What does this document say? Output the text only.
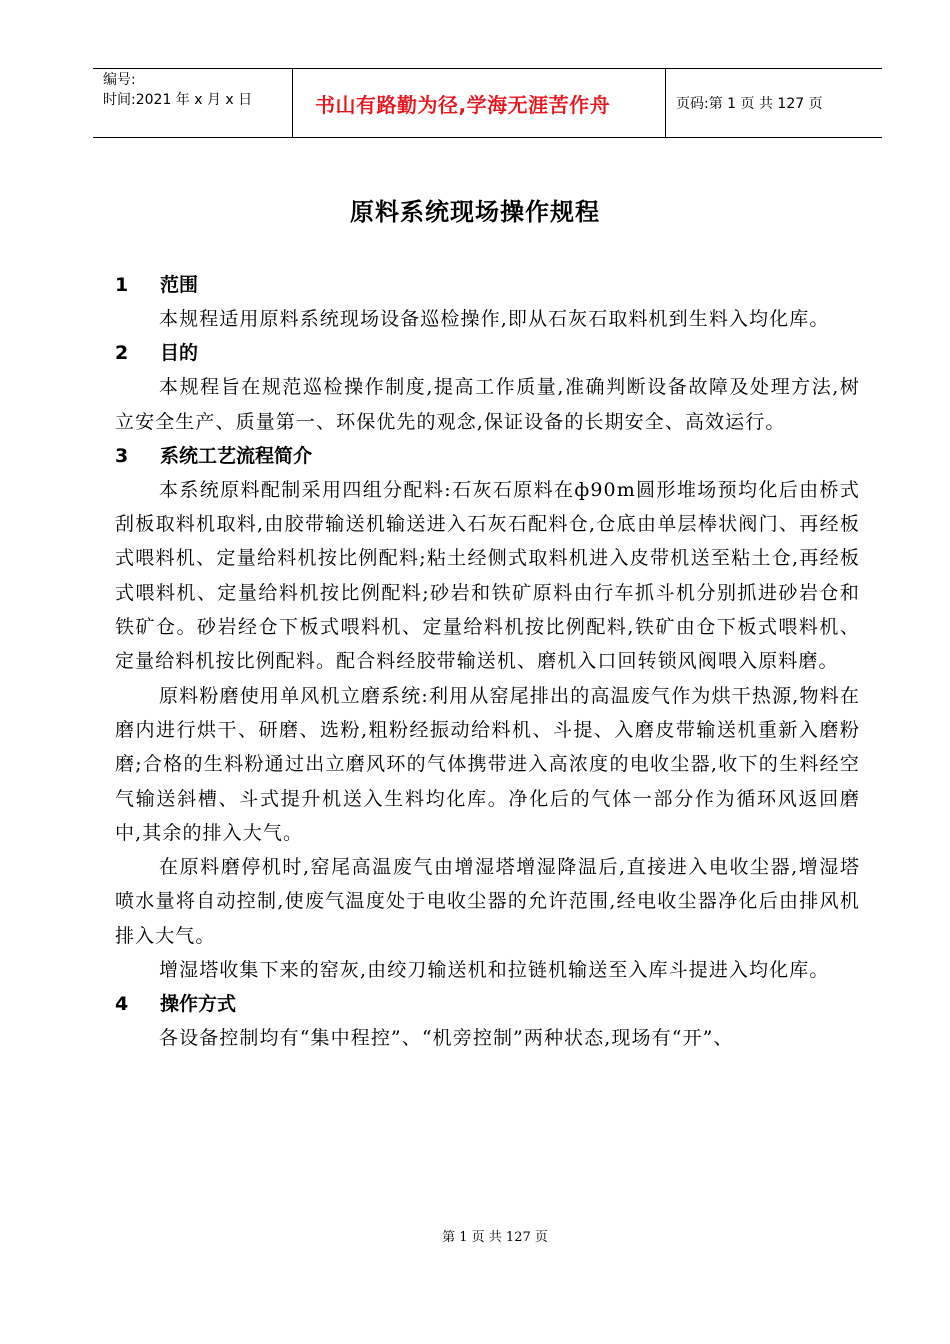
编号:
时间:2021 年 x 月 x 日	书山有路勤为径,学海无涯苦作舟	页码:第 1 页 共 127 页
原料系统现场操作规程
1 范围

本规程适用原料系统现场设备巡检操作,即从石灰石取料机到生料入均化库。

2 目的

本规程旨在规范巡检操作制度,提高工作质量,准确判断设备故障及处理方法,树立安全生产、质量第一、环保优先的观念,保证设备的长期安全、高效运行。

3 系统工艺流程简介

本系统原料配制采用四组分配料:石灰石原料在ф90m圆形堆场预均化后由桥式刮板取料机取料,由胶带输送机输送进入石灰石配料仓,仓底由单层棒状阀门、再经板式喂料机、定量给料机按比例配料;粘土经侧式取料机进入皮带机送至粘土仓,再经板式喂料机、定量给料机按比例配料;砂岩和铁矿原料由行车抓斗机分别抓进砂岩仓和铁矿仓。砂岩经仓下板式喂料机、定量给料机按比例配料,铁矿由仓下板式喂料机、定量给料机按比例配料。配合料经胶带输送机、磨机入口回转锁风阀喂入原料磨。

原料粉磨使用单风机立磨系统:利用从窑尾排出的高温废气作为烘干热源,物料在磨内进行烘干、研磨、选粉,粗粉经振动给料机、斗提、入磨皮带输送机重新入磨粉磨;合格的生料粉通过出立磨风环的气体携带进入高浓度的电收尘器,收下的生料经空气输送斜槽、斗式提升机送入生料均化库。净化后的气体一部分作为循环风返回磨中,其余的排入大气。

在原料磨停机时,窑尾高温废气由增湿塔增湿降温后,直接进入电收尘器,增湿塔喷水量将自动控制,使废气温度处于电收尘器的允许范围,经电收尘器净化后由排风机排入大气。

增湿塔收集下来的窑灰,由绞刀输送机和拉链机输送至入库斗提进入均化库。

4 操作方式

各设备控制均有“集中程控”、“机旁控制”两种状态,现场有“开”、

第 1 页 共 127 页
